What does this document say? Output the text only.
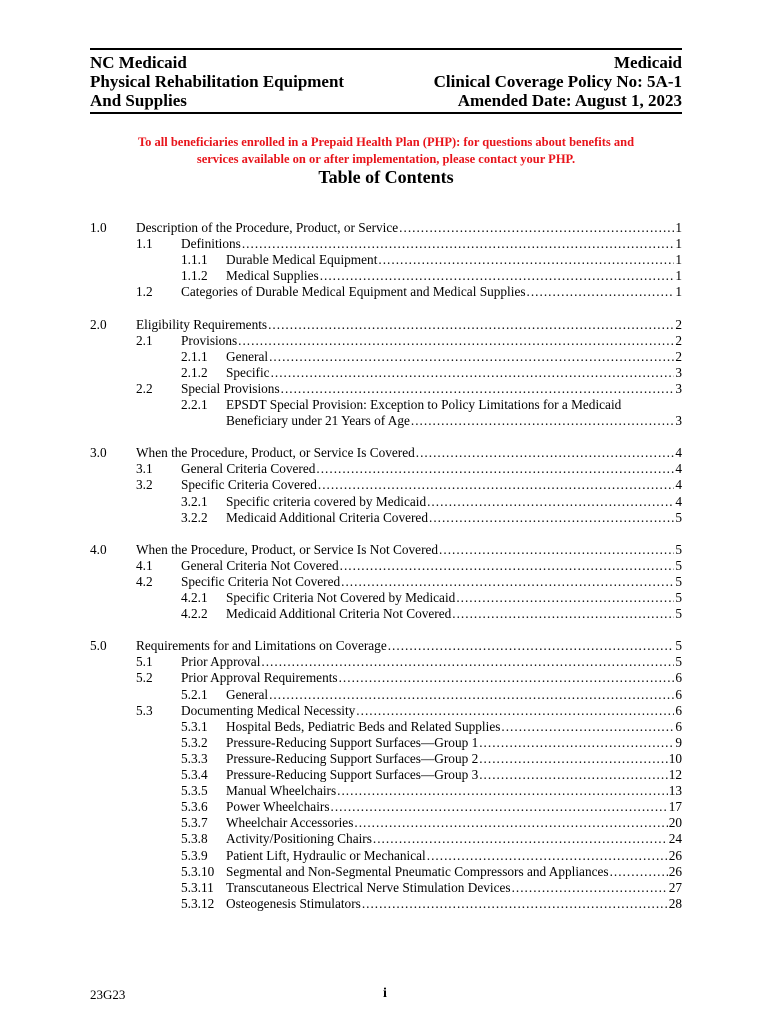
NC Medicaid
Physical Rehabilitation Equipment
And Supplies
Medicaid
Clinical Coverage Policy No: 5A-1
Amended Date: August 1, 2023
To all beneficiaries enrolled in a Prepaid Health Plan (PHP): for questions about benefits and
services available on or after implementation, please contact your PHP.
Table of Contents
1.0 Description of the Procedure, Product, or Service .....	1
1.1 Definitions .....	1
1.1.1 Durable Medical Equipment .....	1
1.1.2 Medical Supplies .....	1
1.2 Categories of Durable Medical Equipment and Medical Supplies .....	1
2.0 Eligibility Requirements .....	2
2.1 Provisions .....	2
2.1.1 General .....	2
2.1.2 Specific .....	3
2.2 Special Provisions .....	3
2.2.1 EPSDT Special Provision: Exception to Policy Limitations for a Medicaid
Beneficiary under 21 Years of Age .....	3
3.0 When the Procedure, Product, or Service Is Covered .....	4
3.1 General Criteria Covered .....	4
3.2 Specific Criteria Covered .....	4
3.2.1 Specific criteria covered by Medicaid .....	4
3.2.2 Medicaid Additional Criteria Covered .....	5
4.0 When the Procedure, Product, or Service Is Not Covered .....	5
4.1 General Criteria Not Covered .....	5
4.2 Specific Criteria Not Covered .....	5
4.2.1 Specific Criteria Not Covered by Medicaid .....	5
4.2.2 Medicaid Additional Criteria Not Covered .....	5
5.0 Requirements for and Limitations on Coverage .....	5
5.1 Prior Approval .....	5
5.2 Prior Approval Requirements .....	6
5.2.1 General .....	6
5.3 Documenting Medical Necessity .....	6
5.3.1 Hospital Beds, Pediatric Beds and Related Supplies .....	6
5.3.2 Pressure-Reducing Support Surfaces—Group 1 .....	9
5.3.3 Pressure-Reducing Support Surfaces—Group 2 .....	10
5.3.4 Pressure-Reducing Support Surfaces—Group 3 .....	12
5.3.5 Manual Wheelchairs .....	13
5.3.6 Power Wheelchairs .....	17
5.3.7 Wheelchair Accessories .....	20
5.3.8 Activity/Positioning Chairs .....	24
5.3.9 Patient Lift, Hydraulic or Mechanical .....	26
5.3.10 Segmental and Non-Segmental Pneumatic Compressors and Appliances .....	26
5.3.11 Transcutaneous Electrical Nerve Stimulation Devices .....	27
5.3.12 Osteogenesis Stimulators .....	28
23G23	i
